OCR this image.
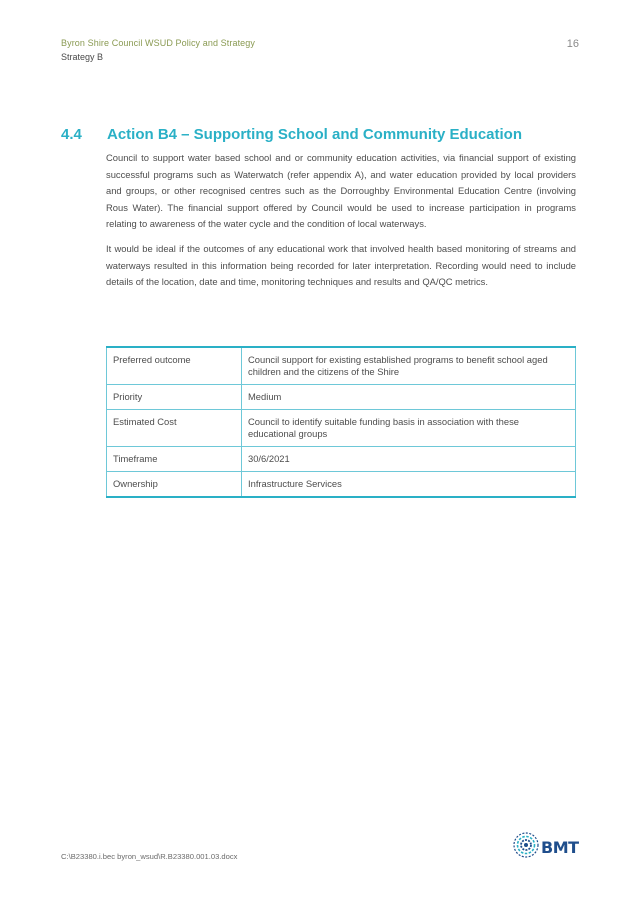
Byron Shire Council WSUD Policy and Strategy
Strategy B
16
4.4 Action B4 – Supporting School and Community Education

Council to support water based school and or community education activities, via financial support of existing successful programs such as Waterwatch (refer appendix A), and water education provided by local providers and groups, or other recognised centres such as the Dorroughby Environmental Education Centre (involving Rous Water). The financial support offered by Council would be used to increase participation in programs relating to awareness of the water cycle and the condition of local waterways.

It would be ideal if the outcomes of any educational work that involved health based monitoring of streams and waterways resulted in this information being recorded for later interpretation. Recording would need to include details of the location, date and time, monitoring techniques and results and QA/QC metrics.

Preferred outcome	Council support for existing established programs to benefit school aged children and the citizens of the Shire
Priority	Medium
Estimated Cost	Council to identify suitable funding basis in association with these educational groups
Timeframe	30/6/2021
Ownership	Infrastructure Services
C:\B23380.i.bec byron_wsud\R.B23380.001.03.docx	BMT
